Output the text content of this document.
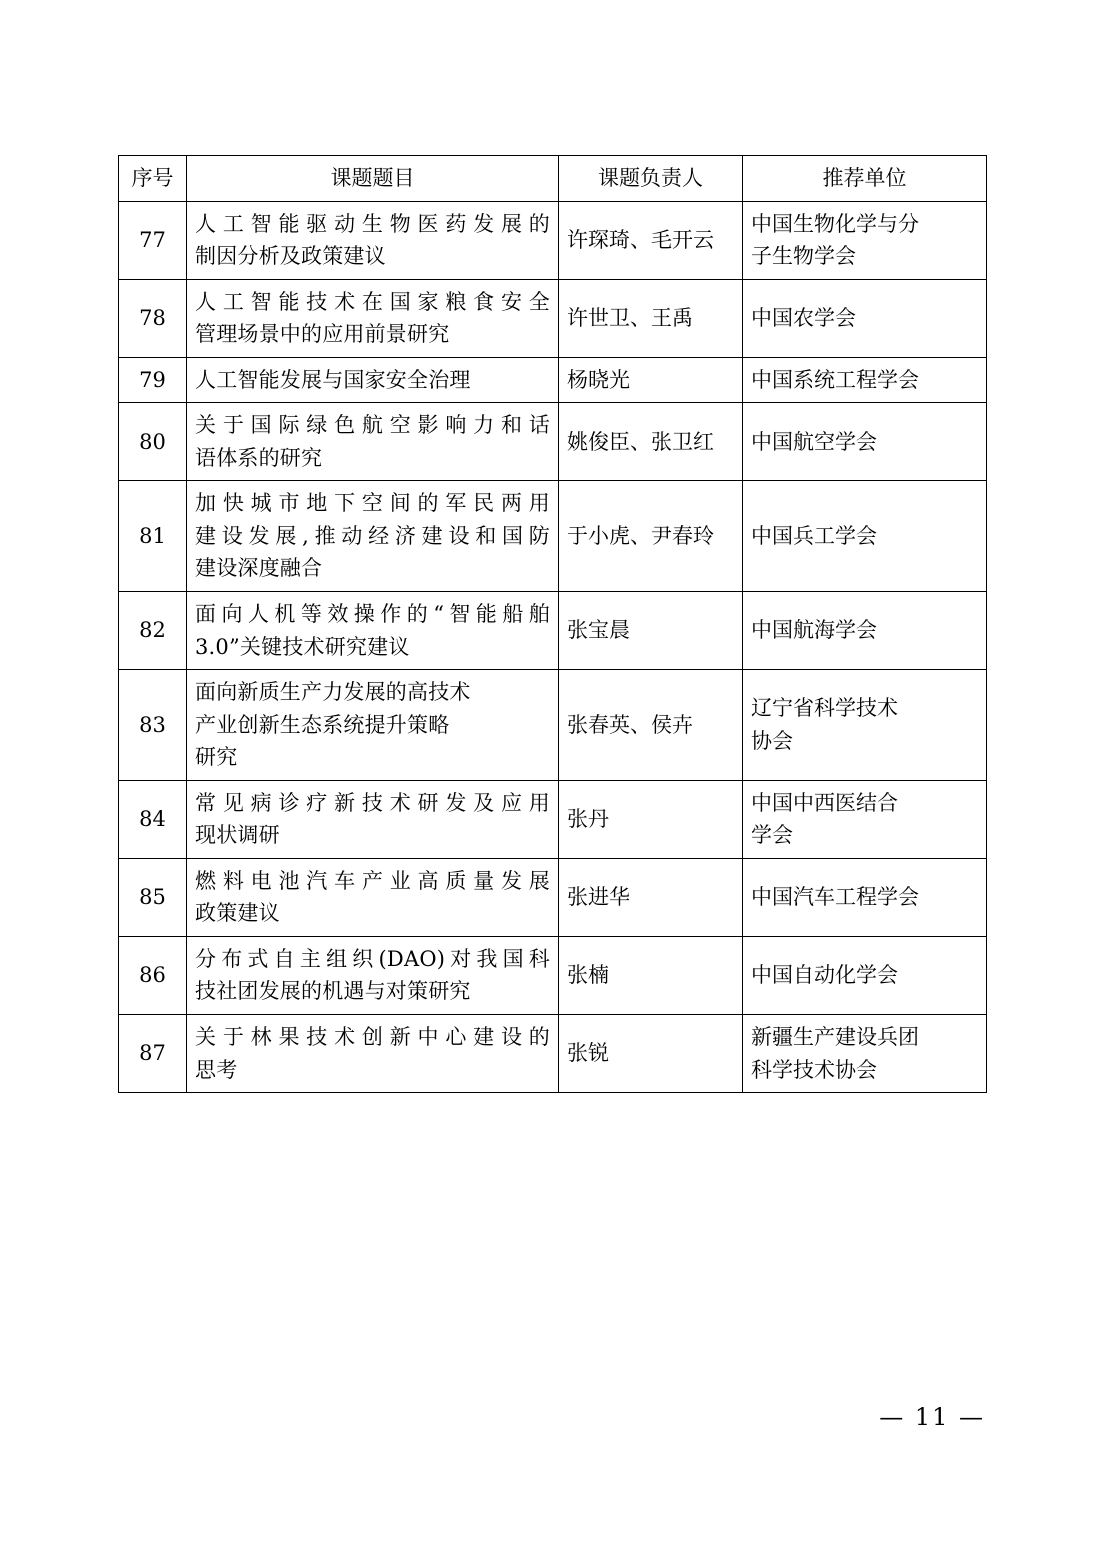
序号	课题题目	课题负责人	推荐单位
77	人工智能驱动生物医药发展的
制因分析及政策建议	许琛琦、毛开云	中国生物化学与分
子生物学会

78	人工智能技术在国家粮食安全
管理场景中的应用前景研究	许世卫、王禹	中国农学会

79	人工智能发展与国家安全治理	杨晓光	中国系统工程学会

80	关于国际绿色航空影响力和话
语体系的研究	姚俊臣、张卫红	中国航空学会

81	加快城市地下空间的军民两用
建设发展,推动经济建设和国防
建设深度融合	于小虎、尹春玲	中国兵工学会

82	面向人机等效操作的“智能船舶
3.0”关键技术研究建议	张宝晨	中国航海学会

83	面向新质生产力发展的高技术
产业创新生态系统提升策略
研究	张春英、侯卉	辽宁省科学技术
协会

84	常见病诊疗新技术研发及应用
现状调研	张丹	中国中西医结合
学会

85	燃料电池汽车产业高质量发展
政策建议	张进华	中国汽车工程学会

86	分布式自主组织(DAO)对我国科
技社团发展的机遇与对策研究	张楠	中国自动化学会

87	关于林果技术创新中心建设的
思考	张锐	新疆生产建设兵团
科学技术协会
— 11 —
